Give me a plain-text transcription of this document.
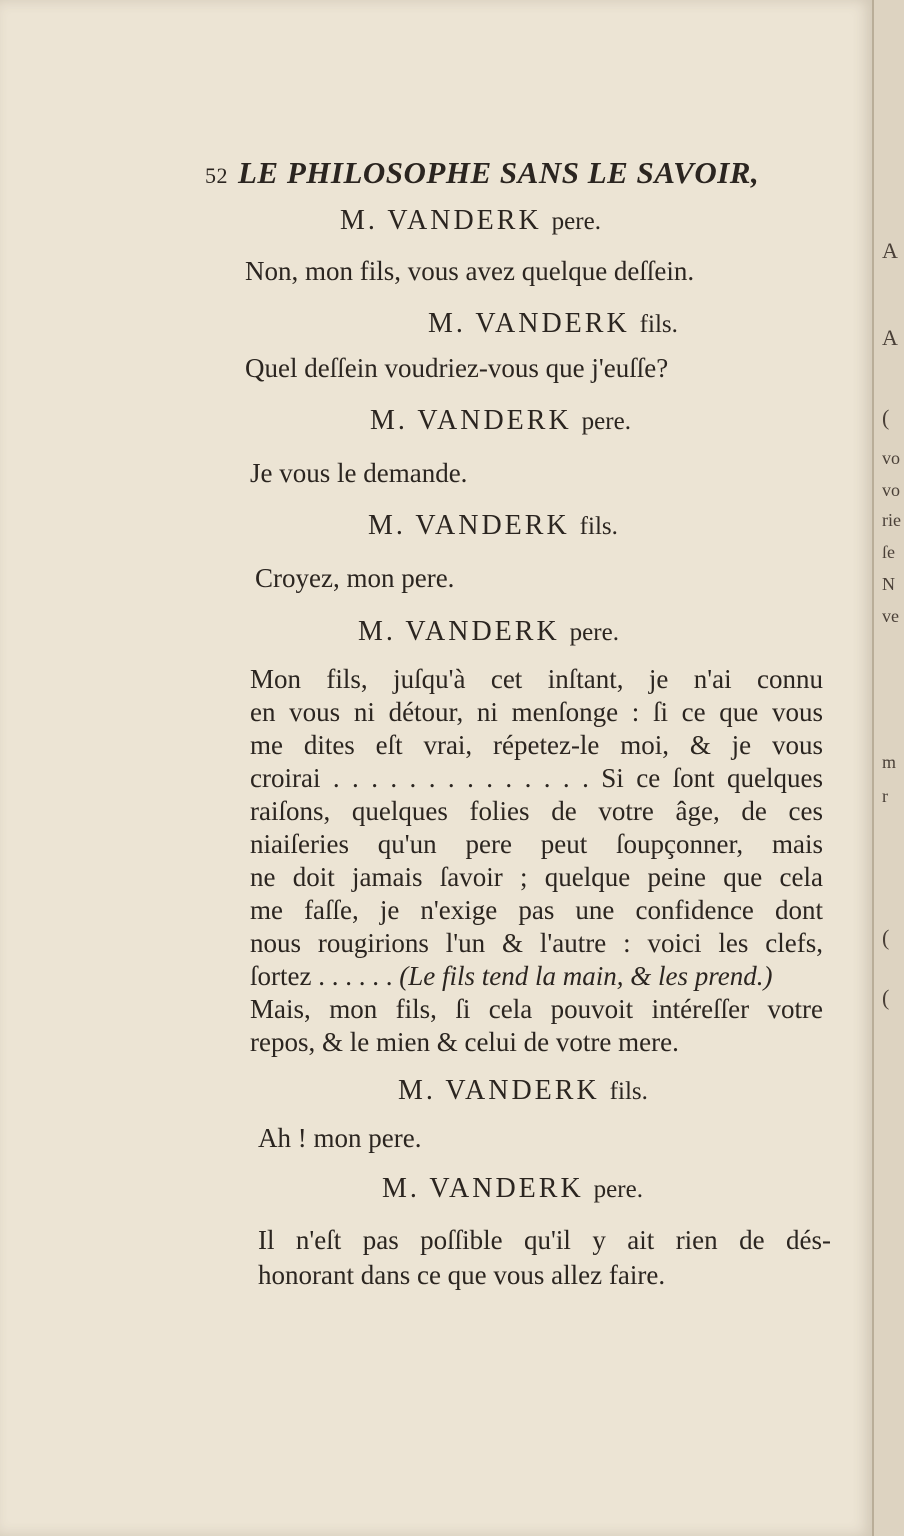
52 LE PHILOSOPHE SANS LE SAVOIR,
M. VANDERK pere.
Non, mon fils, vous avez quelque deſſein.
M. VANDERK fils.
Quel deſſein voudriez-vous que j'euſſe?
M. VANDERK pere.
Je vous le demande.
M. VANDERK fils.
Croyez, mon pere.
M. VANDERK pere.
Mon fils, juſqu'à cet inſtant, je n'ai connu
en vous ni détour, ni menſonge : ſi ce que vous
me dites eſt vrai, répetez-le moi, & je vous
croirai . . . . . . . . . . . . . . Si ce ſont quelques
raiſons, quelques folies de votre âge, de ces
niaiſeries qu'un pere peut ſoupçonner, mais
ne doit jamais ſavoir ; quelque peine que cela
me faſſe, je n'exige pas une confidence dont
nous rougirions l'un & l'autre : voici les clefs,
ſortez . . . . . . (Le fils tend la main, & les prend.)
Mais, mon fils, ſi cela pouvoit intéreſſer votre
repos, & le mien & celui de votre mere.
M. VANDERK fils.
Ah ! mon pere.
M. VANDERK pere.
Il n'eſt pas poſſible qu'il y ait rien de dés-
honorant dans ce que vous allez faire.
A
A
(
vo
vo
rie
ſe
N
ve
m
r
(
(
